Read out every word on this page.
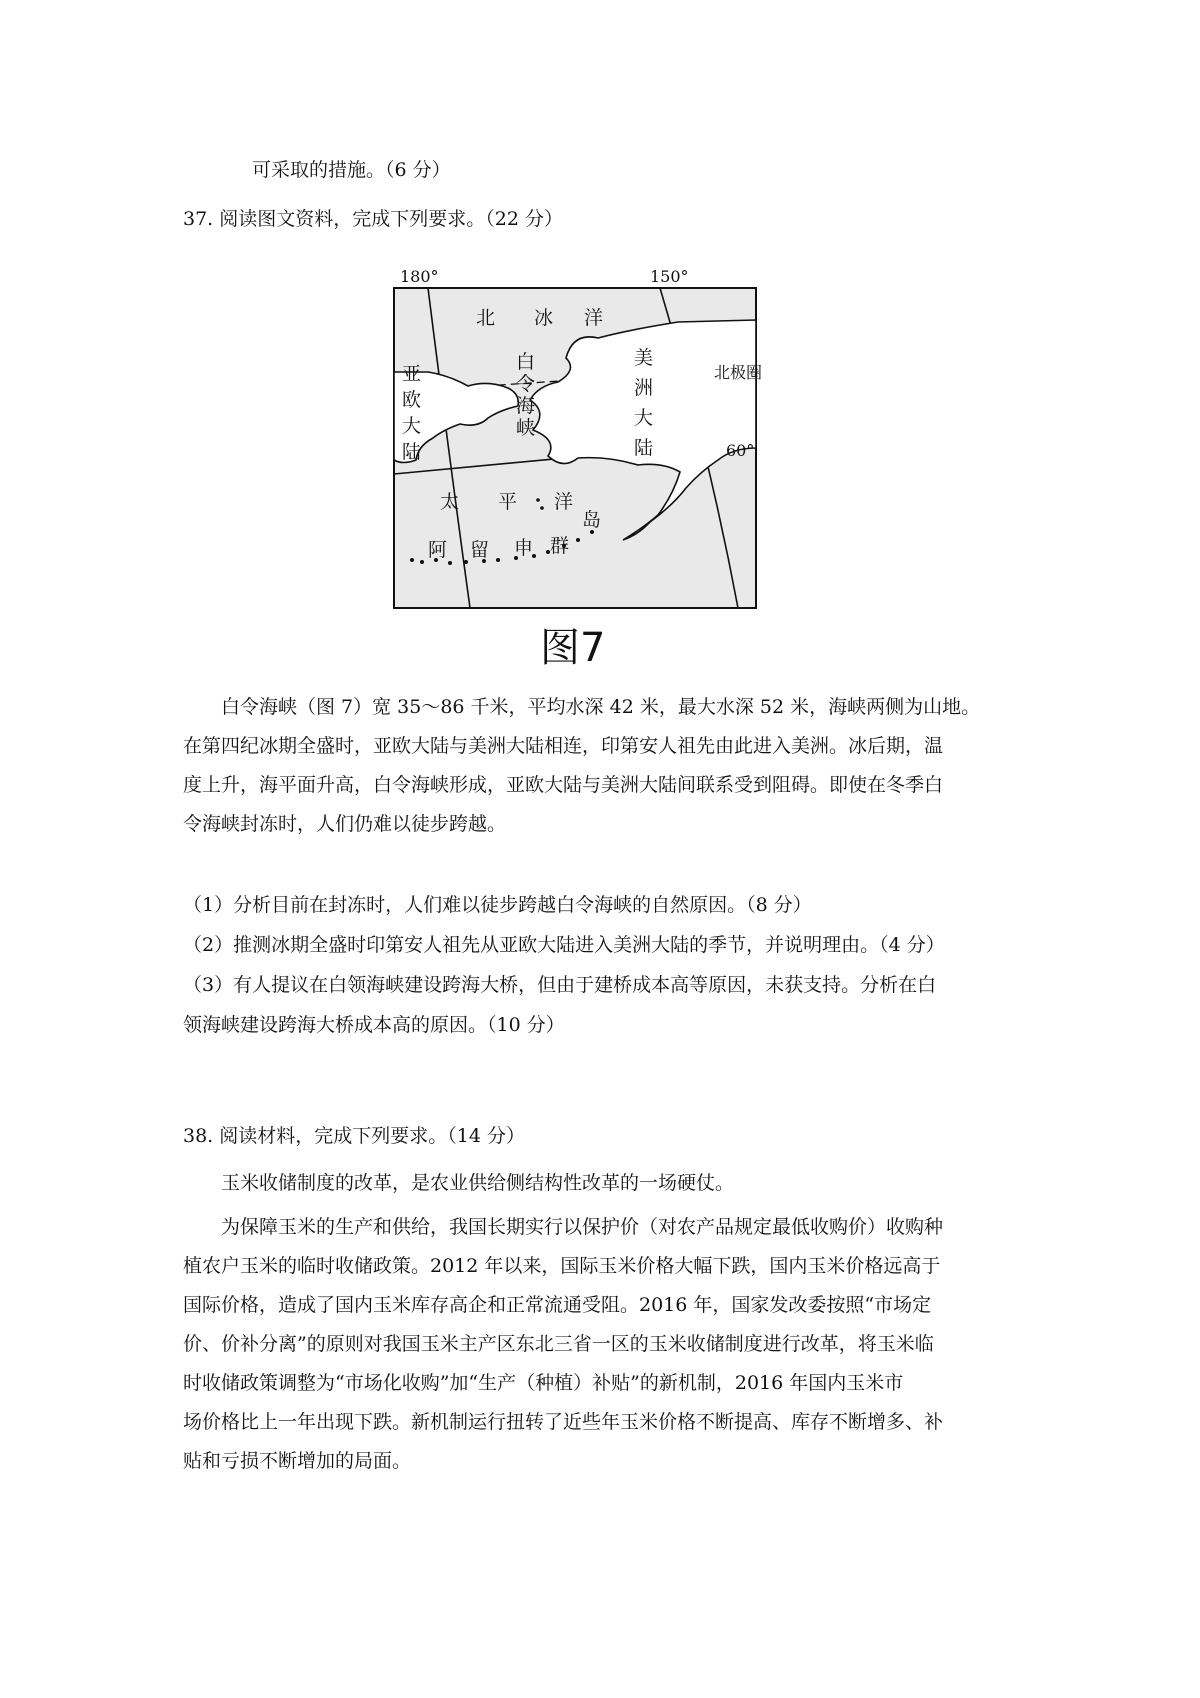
可采取的措施。（6 分）
37. 阅读图文资料，完成下列要求。（22 分）
180°	150°
60°
北极圈
北 冰 洋
太 平 洋
亚
欧
大
陆
美
洲
大
陆
白
令
海
峡
阿 留 申 群
岛
图7
白令海峡（图 7）宽 35～86 千米，平均水深 42 米，最大水深 52 米，海峡两侧为山地。
在第四纪冰期全盛时，亚欧大陆与美洲大陆相连，印第安人祖先由此进入美洲。冰后期，温
度上升，海平面升高，白令海峡形成，亚欧大陆与美洲大陆间联系受到阻碍。即使在冬季白
令海峡封冻时，人们仍难以徒步跨越。
（1）分析目前在封冻时，人们难以徒步跨越白令海峡的自然原因。（8 分）
（2）推测冰期全盛时印第安人祖先从亚欧大陆进入美洲大陆的季节，并说明理由。（4 分）
（3）有人提议在白领海峡建设跨海大桥，但由于建桥成本高等原因，未获支持。分析在白
领海峡建设跨海大桥成本高的原因。（10 分）
38. 阅读材料，完成下列要求。（14 分）
玉米收储制度的改革，是农业供给侧结构性改革的一场硬仗。
为保障玉米的生产和供给，我国长期实行以保护价（对农产品规定最低收购价）收购种
植农户玉米的临时收储政策。2012 年以来，国际玉米价格大幅下跌，国内玉米价格远高于
国际价格，造成了国内玉米库存高企和正常流通受阻。2016 年，国家发改委按照“市场定
价、价补分离”的原则对我国玉米主产区东北三省一区的玉米收储制度进行改革，将玉米临
时收储政策调整为“市场化收购”加“生产（种植）补贴”的新机制，2016 年国内玉米市
场价格比上一年出现下跌。新机制运行扭转了近些年玉米价格不断提高、库存不断增多、补
贴和亏损不断增加的局面。
